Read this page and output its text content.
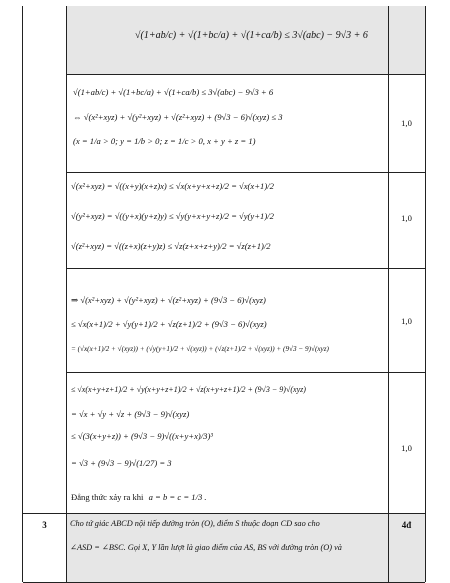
√(1+ab/c) + √(1+bc/a) + √(1+ca/b) ≤ 3√(abc) − 9√3 + 6
√(1+ab/c) + √(1+bc/a) + √(1+ca/b) ≤ 3√(abc) − 9√3 + 6
⇔ √(x²+xyz) + √(y²+xyz) + √(z²+xyz) + (9√3 − 6)√(xyz) ≤ 3
(x = 1/a > 0; y = 1/b > 0; z = 1/c > 0, x + y + z = 1)
1,0
√(x²+xyz) = √((x+y)(x+z)x) ≤ √x(x+y+x+z)/2 = √x(x+1)/2
√(y²+xyz) = √((y+x)(y+z)y) ≤ √y(y+x+y+z)/2 = √y(y+1)/2
√(z²+xyz) = √((z+x)(z+y)z) ≤ √z(z+x+z+y)/2 = √z(z+1)/2
1,0
⇒ √(x²+xyz) + √(y²+xyz) + √(z²+xyz) + (9√3 − 6)√(xyz)
≤ √x(x+1)/2 + √y(y+1)/2 + √z(z+1)/2 + (9√3 − 6)√(xyz)
= (√x(x+1)/2 + √(xyz)) + (√y(y+1)/2 + √(xyz)) + (√z(z+1)/2 + √(xyz)) + (9√3 − 9)√(xyz)
1,0
≤ √x(x+y+z+1)/2 + √y(x+y+z+1)/2 + √z(x+y+z+1)/2 + (9√3 − 9)√(xyz)
= √x + √y + √z + (9√3 − 9)√(xyz)
≤ √(3(x+y+z)) + (9√3 − 9)√((x+y+x)/3)³
= √3 + (9√3 − 9)√(1/27) = 3
Đẳng thức xảy ra khi a = b = c = 1/3 .
1,0
3	Cho tứ giác ABCD nội tiếp đường tròn (O), điểm S thuộc đoạn CD sao cho
∠ASD = ∠BSC. Gọi X, Y lần lượt là giao điểm của AS, BS với đường tròn (O) và
4đ
